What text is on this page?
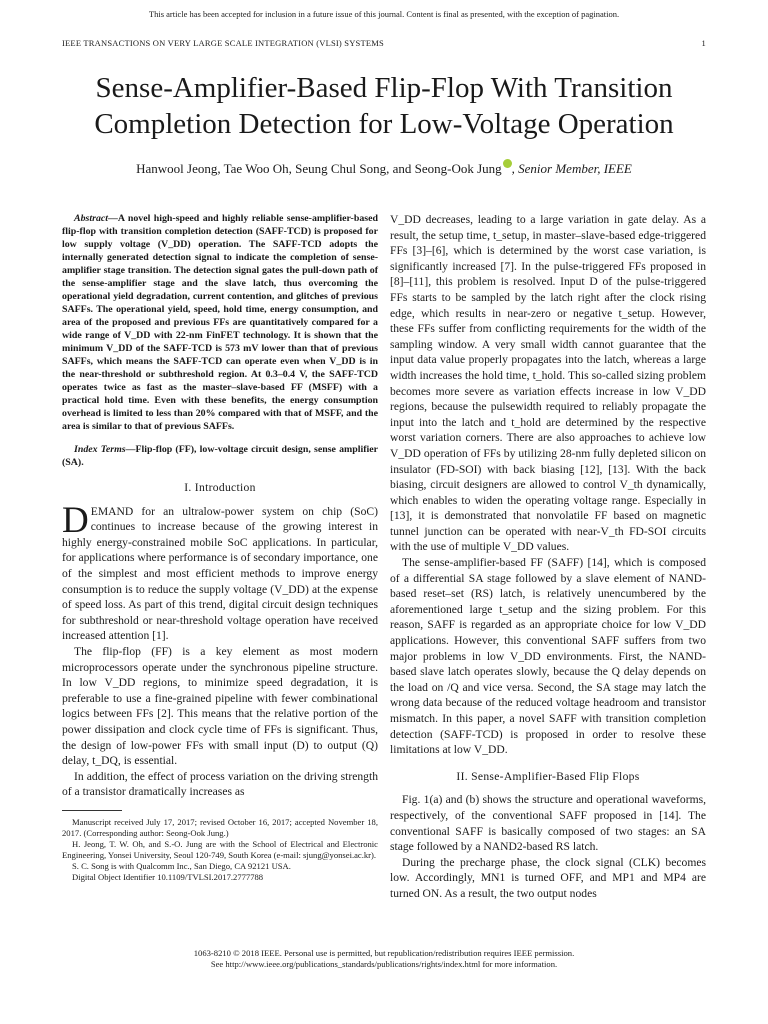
This article has been accepted for inclusion in a future issue of this journal. Content is final as presented, with the exception of pagination.
IEEE TRANSACTIONS ON VERY LARGE SCALE INTEGRATION (VLSI) SYSTEMS	1
Sense-Amplifier-Based Flip-Flop With Transition
Completion Detection for Low-Voltage Operation
Hanwool Jeong, Tae Woo Oh, Seung Chul Song, and Seong-Ook Jung , Senior Member, IEEE

Abstract—A novel high-speed and highly reliable sense-amplifier-based flip-flop with transition completion detection (SAFF-TCD) is proposed for low supply voltage (V_DD) operation. The SAFF-TCD adopts the internally generated detection signal to indicate the completion of sense-amplifier stage transition. The detection signal gates the pull-down path of the sense-amplifier stage and the slave latch, thus overcoming the operational yield degradation, current contention, and glitches of previous SAFFs. The operational yield, speed, hold time, energy consumption, and area of the proposed and previous FFs are quantitatively compared for a wide range of V_DD with 22-nm FinFET technology. It is shown that the minimum V_DD of the SAFF-TCD is 573 mV lower than that of previous SAFFs, which means the SAFF-TCD can operate even when V_DD is in the near-threshold or subthreshold region. At 0.3–0.4 V, the SAFF-TCD operates twice as fast as the master–slave-based FF (MSFF) with a practical hold time. Even with these benefits, the energy consumption overhead is limited to less than 20% compared with that of MSFF, and the area is similar to that of previous SAFFs.

Index Terms—Flip-flop (FF), low-voltage circuit design, sense amplifier (SA).

I. Introduction

DEMAND for an ultralow-power system on chip (SoC) continues to increase because of the growing interest in highly energy-constrained mobile SoC applications. In particular, for applications where performance is of secondary importance, one of the simplest and most efficient methods to improve energy consumption is to reduce the supply voltage (V_DD) at the expense of speed loss. As part of this trend, digital circuit design techniques for subthreshold or near-threshold voltage operation have received increased attention [1].

The flip-flop (FF) is a key element as most modern microprocessors operate under the synchronous pipeline structure. In low V_DD regions, to minimize speed degradation, it is preferable to use a fine-grained pipeline with fewer combinational logics between FFs [2]. This means that the relative portion of the power dissipation and clock cycle time of FFs is significant. Thus, the design of low-power FFs with small input (D) to output (Q) delay, t_DQ, is essential.

In addition, the effect of process variation on the driving strength of a transistor dramatically increases as

Manuscript received July 17, 2017; revised October 16, 2017; accepted November 18, 2017. (Corresponding author: Seong-Ook Jung.)

H. Jeong, T. W. Oh, and S.-O. Jung are with the School of Electrical and Electronic Engineering, Yonsei University, Seoul 120-749, South Korea (e-mail: sjung@yonsei.ac.kr).

S. C. Song is with Qualcomm Inc., San Diego, CA 92121 USA.

Digital Object Identifier 10.1109/TVLSI.2017.2777788

V_DD decreases, leading to a large variation in gate delay. As a result, the setup time, t_setup, in master–slave-based edge-triggered FFs [3]–[6], which is determined by the worst case variation, is significantly increased [7]. In the pulse-triggered FFs proposed in [8]–[11], this problem is resolved. Input D of the pulse-triggered FFs starts to be sampled by the latch right after the clock rising edge, which results in near-zero or negative t_setup. However, these FFs suffer from conflicting requirements for the width of the sampling window. A very small width cannot guarantee that the input data value properly propagates into the latch, whereas a large width increases the hold time, t_hold. This so-called sizing problem becomes more severe as variation effects increase in low V_DD regions, because the pulsewidth required to reliably propagate the input into the latch and t_hold are determined by the respective worst variation corners. There are also approaches to achieve low V_DD operation of FFs by utilizing 28-nm fully depleted silicon on insulator (FD-SOI) with back biasing [12], [13]. With the back biasing, circuit designers are allowed to control V_th dynamically, which enables to widen the operating voltage range. Especially in [13], it is demonstrated that nonvolatile FF based on magnetic tunnel junction can be operated with near-V_th FD-SOI circuits with the use of multiple V_DD values.

The sense-amplifier-based FF (SAFF) [14], which is composed of a differential SA stage followed by a slave element of NAND-based reset–set (RS) latch, is relatively unencumbered by the aforementioned large t_setup and the sizing problem. For this reason, SAFF is regarded as an appropriate choice for low V_DD applications. However, this conventional SAFF suffers from two major problems in low V_DD environments. First, the NAND-based slave latch operates slowly, because the Q delay depends on the load on /Q and vice versa. Second, the SA stage may latch the wrong data because of the reduced voltage headroom and transistor mismatch. In this paper, a novel SAFF with transition completion detection (SAFF-TCD) is proposed in order to resolve these limitations at low V_DD.

II. Sense-Amplifier-Based Flip Flops

Fig. 1(a) and (b) shows the structure and operational waveforms, respectively, of the conventional SAFF proposed in [14]. The conventional SAFF is basically composed of two stages: an SA stage followed by a NAND2-based RS latch.

During the precharge phase, the clock signal (CLK) becomes low. Accordingly, MN1 is turned OFF, and MP1 and MP4 are turned ON. As a result, the two output nodes

1063-8210 © 2018 IEEE. Personal use is permitted, but republication/redistribution requires IEEE permission.
See http://www.ieee.org/publications_standards/publications/rights/index.html for more information.
